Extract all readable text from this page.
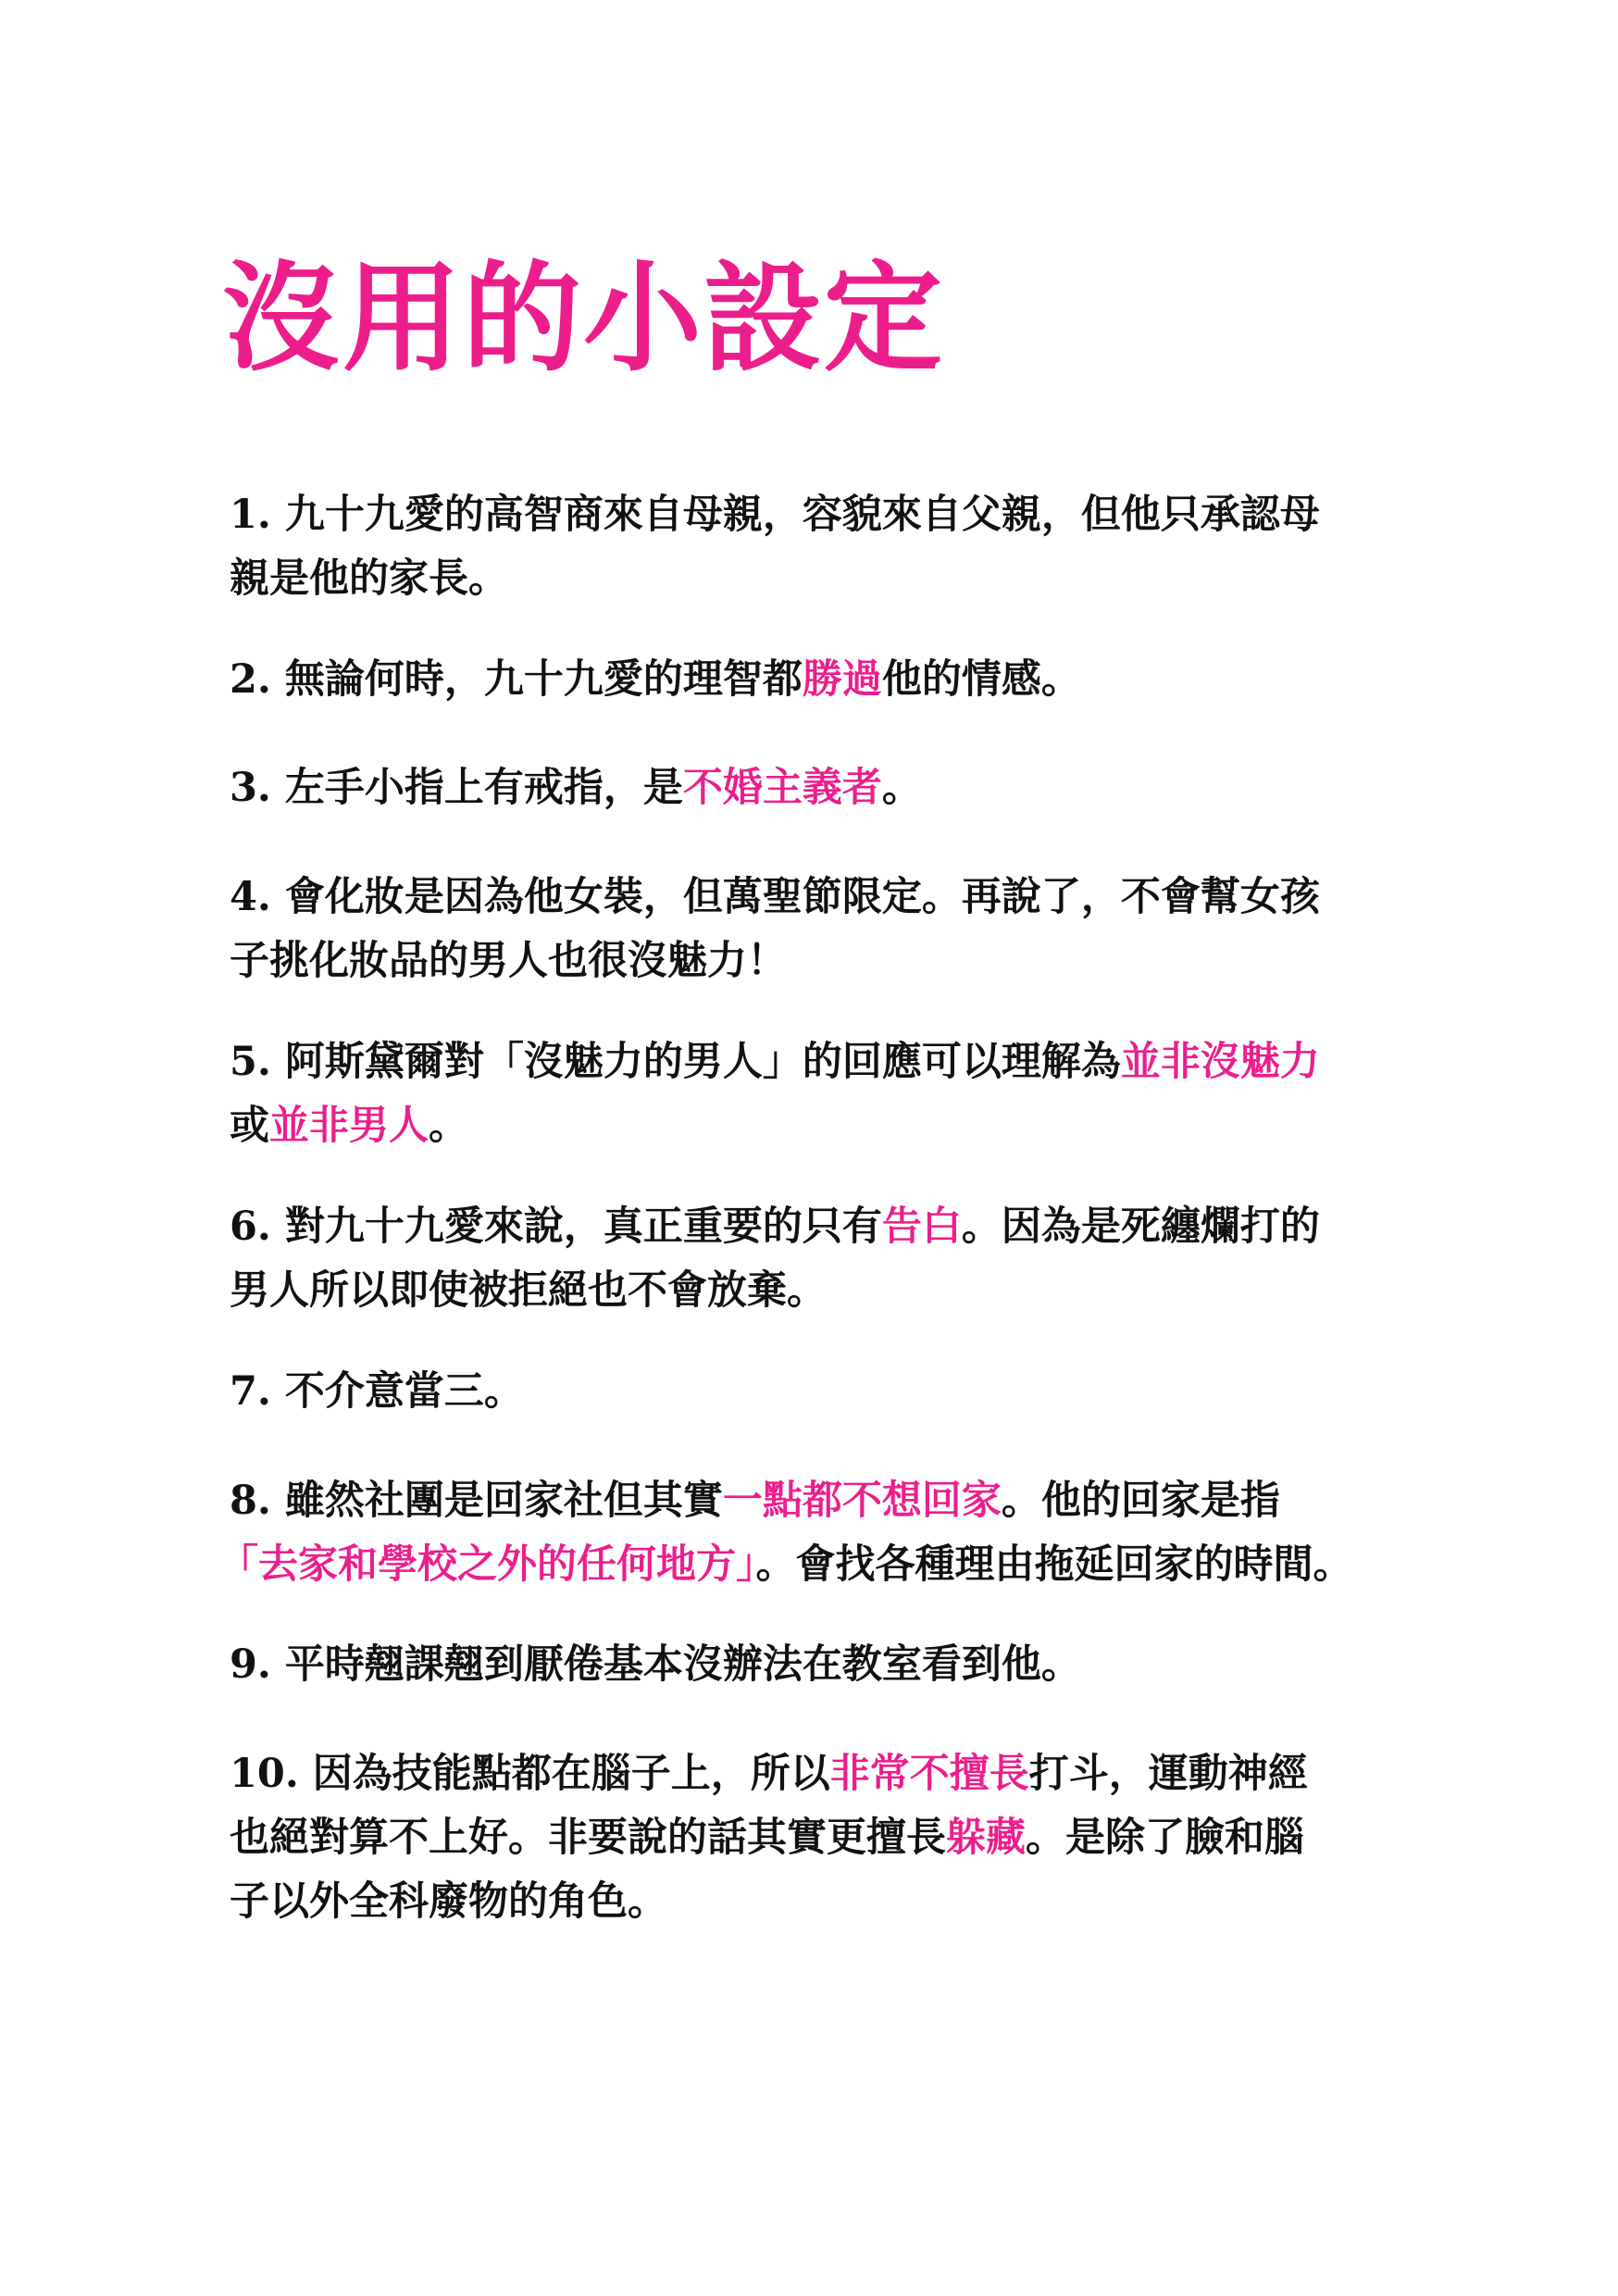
沒用的小設定
1. 九十九愛的高智商來自母親，容貌來自父親，但他只承認母
親是他的家長。
2. 無論何時，九十九愛的理智都勝過他的情感。
3. 左手小指上有戒指，是不婚主義者。
4. 會化妝是因為他女裝，但萬聖節限定。再說了，不會幫女孩
子挑化妝品的男人也很沒魅力！
5. 阿斯黛爾對「沒魅力的男人」的回應可以理解為並非沒魅力
或並非男人。
6. 對九十九愛來說，真正重要的只有告白。因為是死纏爛打的
男人所以即使被拒絕也不會放棄。
7. 不介意當三。
8. 雖然社團是回家社但其實一點都不想回家。他的回家是指
「去家和學校之外的任何地方」。會找各種理由拖延回家的時間。
9. 平時翹課翹到厭倦基本沒辦法在教室看到他。
10. 因為技能點都在腦子上，所以非常不擅長打斗，運動神經
也絕對算不上好。非要說的話其實更擅長躲藏。是除了臉和腦
子以外全科廢物的角色。
